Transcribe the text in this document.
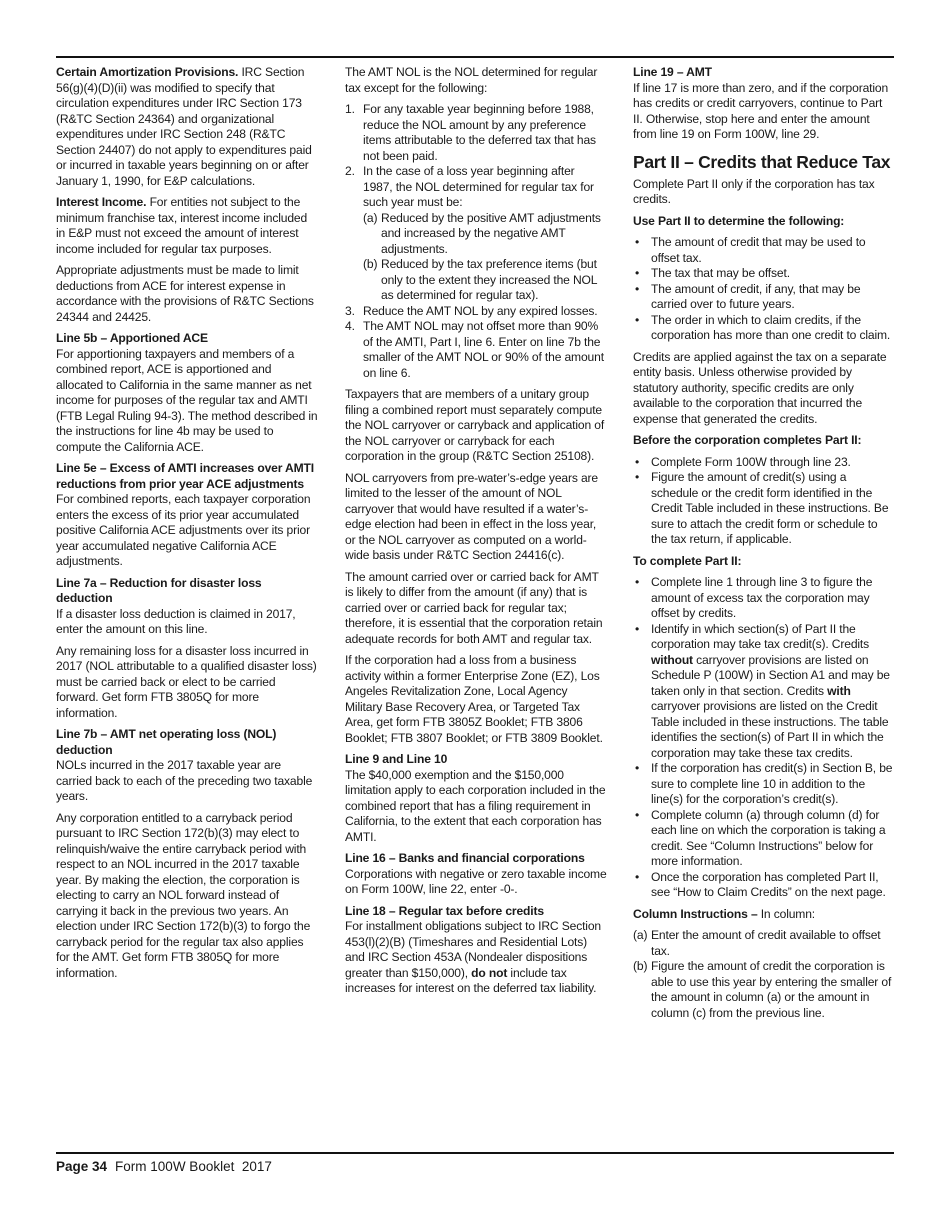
Certain Amortization Provisions. IRC Section 56(g)(4)(D)(ii) was modified to specify that circulation expenditures under IRC Section 173 (R&TC Section 24364) and organizational expenditures under IRC Section 248 (R&TC Section 24407) do not apply to expenditures paid or incurred in taxable years beginning on or after January 1, 1990, for E&P calculations.

Interest Income. For entities not subject to the minimum franchise tax, interest income included in E&P must not exceed the amount of interest income included for regular tax purposes.

Appropriate adjustments must be made to limit deductions from ACE for interest expense in accordance with the provisions of R&TC Sections 24344 and 24425.

Line 5b – Apportioned ACE

For apportioning taxpayers and members of a combined report, ACE is apportioned and allocated to California in the same manner as net income for purposes of the regular tax and AMTI (FTB Legal Ruling 94-3). The method described in the instructions for line 4b may be used to compute the California ACE.

Line 5e – Excess of AMTI increases over AMTI reductions from prior year ACE adjustments

For combined reports, each taxpayer corporation enters the excess of its prior year accumulated positive California ACE adjustments over its prior year accumulated negative California ACE adjustments.

Line 7a – Reduction for disaster loss deduction

If a disaster loss deduction is claimed in 2017, enter the amount on this line.

Any remaining loss for a disaster loss incurred in 2017 (NOL attributable to a qualified disaster loss) must be carried back or elect to be carried forward. Get form FTB 3805Q for more information.

Line 7b – AMT net operating loss (NOL) deduction

NOLs incurred in the 2017 taxable year are carried back to each of the preceding two taxable years.

Any corporation entitled to a carryback period pursuant to IRC Section 172(b)(3) may elect to relinquish/waive the entire carryback period with respect to an NOL incurred in the 2017 taxable year. By making the election, the corporation is electing to carry an NOL forward instead of carrying it back in the previous two years. An election under IRC Section 172(b)(3) to forgo the carryback period for the regular tax also applies for the AMT. Get form FTB 3805Q for more information.

The AMT NOL is the NOL determined for regular tax except for the following:

1. For any taxable year beginning before 1988, reduce the NOL amount by any preference items attributable to the deferred tax that has not been paid.
2. In the case of a loss year beginning after 1987, the NOL determined for regular tax for such year must be:
(a) Reduced by the positive AMT adjustments and increased by the negative AMT adjustments.
(b) Reduced by the tax preference items (but only to the extent they increased the NOL as determined for regular tax).
3. Reduce the AMT NOL by any expired losses.
4. The AMT NOL may not offset more than 90% of the AMTI, Part I, line 6. Enter on line 7b the smaller of the AMT NOL or 90% of the amount on line 6.

Taxpayers that are members of a unitary group filing a combined report must separately compute the NOL carryover or carryback and application of the NOL carryover or carryback for each corporation in the group (R&TC Section 25108).

NOL carryovers from pre-water’s-edge years are limited to the lesser of the amount of NOL carryover that would have resulted if a water’s-edge election had been in effect in the loss year, or the NOL carryover as computed on a world-wide basis under R&TC Section 24416(c).

The amount carried over or carried back for AMT is likely to differ from the amount (if any) that is carried over or carried back for regular tax; therefore, it is essential that the corporation retain adequate records for both AMT and regular tax.

If the corporation had a loss from a business activity within a former Enterprise Zone (EZ), Los Angeles Revitalization Zone, Local Agency Military Base Recovery Area, or Targeted Tax Area, get form FTB 3805Z Booklet; FTB 3806 Booklet; FTB 3807 Booklet; or FTB 3809 Booklet.

Line 9 and Line 10

The $40,000 exemption and the $150,000 limitation apply to each corporation included in the combined report that has a filing requirement in California, to the extent that each corporation has AMTI.

Line 16 – Banks and financial corporations

Corporations with negative or zero taxable income on Form 100W, line 22, enter -0-.

Line 18 – Regular tax before credits

For installment obligations subject to IRC Section 453(l)(2)(B) (Timeshares and Residential Lots) and IRC Section 453A (Nondealer dispositions greater than $150,000), do not include tax increases for interest on the deferred tax liability.

Line 19 – AMT

If line 17 is more than zero, and if the corporation has credits or credit carryovers, continue to Part II. Otherwise, stop here and enter the amount from line 19 on Form 100W, line 29.

Part II – Credits that Reduce Tax

Complete Part II only if the corporation has tax credits.

Use Part II to determine the following:

• The amount of credit that may be used to offset tax.
• The tax that may be offset.
• The amount of credit, if any, that may be carried over to future years.
• The order in which to claim credits, if the corporation has more than one credit to claim.

Credits are applied against the tax on a separate entity basis. Unless otherwise provided by statutory authority, specific credits are only available to the corporation that incurred the expense that generated the credits.

Before the corporation completes Part II:

• Complete Form 100W through line 23.
• Figure the amount of credit(s) using a schedule or the credit form identified in the Credit Table included in these instructions. Be sure to attach the credit form or schedule to the tax return, if applicable.

To complete Part II:

• Complete line 1 through line 3 to figure the amount of excess tax the corporation may offset by credits.
• Identify in which section(s) of Part II the corporation may take tax credit(s). Credits without carryover provisions are listed on Schedule P (100W) in Section A1 and may be taken only in that section. Credits with carryover provisions are listed on the Credit Table included in these instructions. The table identifies the section(s) of Part II in which the corporation may take these tax credits.
• If the corporation has credit(s) in Section B, be sure to complete line 10 in addition to the line(s) for the corporation’s credit(s).
• Complete column (a) through column (d) for each line on which the corporation is taking a credit. See “Column Instructions” below for more information.
• Once the corporation has completed Part II, see “How to Claim Credits” on the next page.

Column Instructions – In column:

(a) Enter the amount of credit available to offset tax.
(b) Figure the amount of credit the corporation is able to use this year by entering the smaller of the amount in column (a) or the amount in column (c) from the previous line.
Page 34 Form 100W Booklet  2017
